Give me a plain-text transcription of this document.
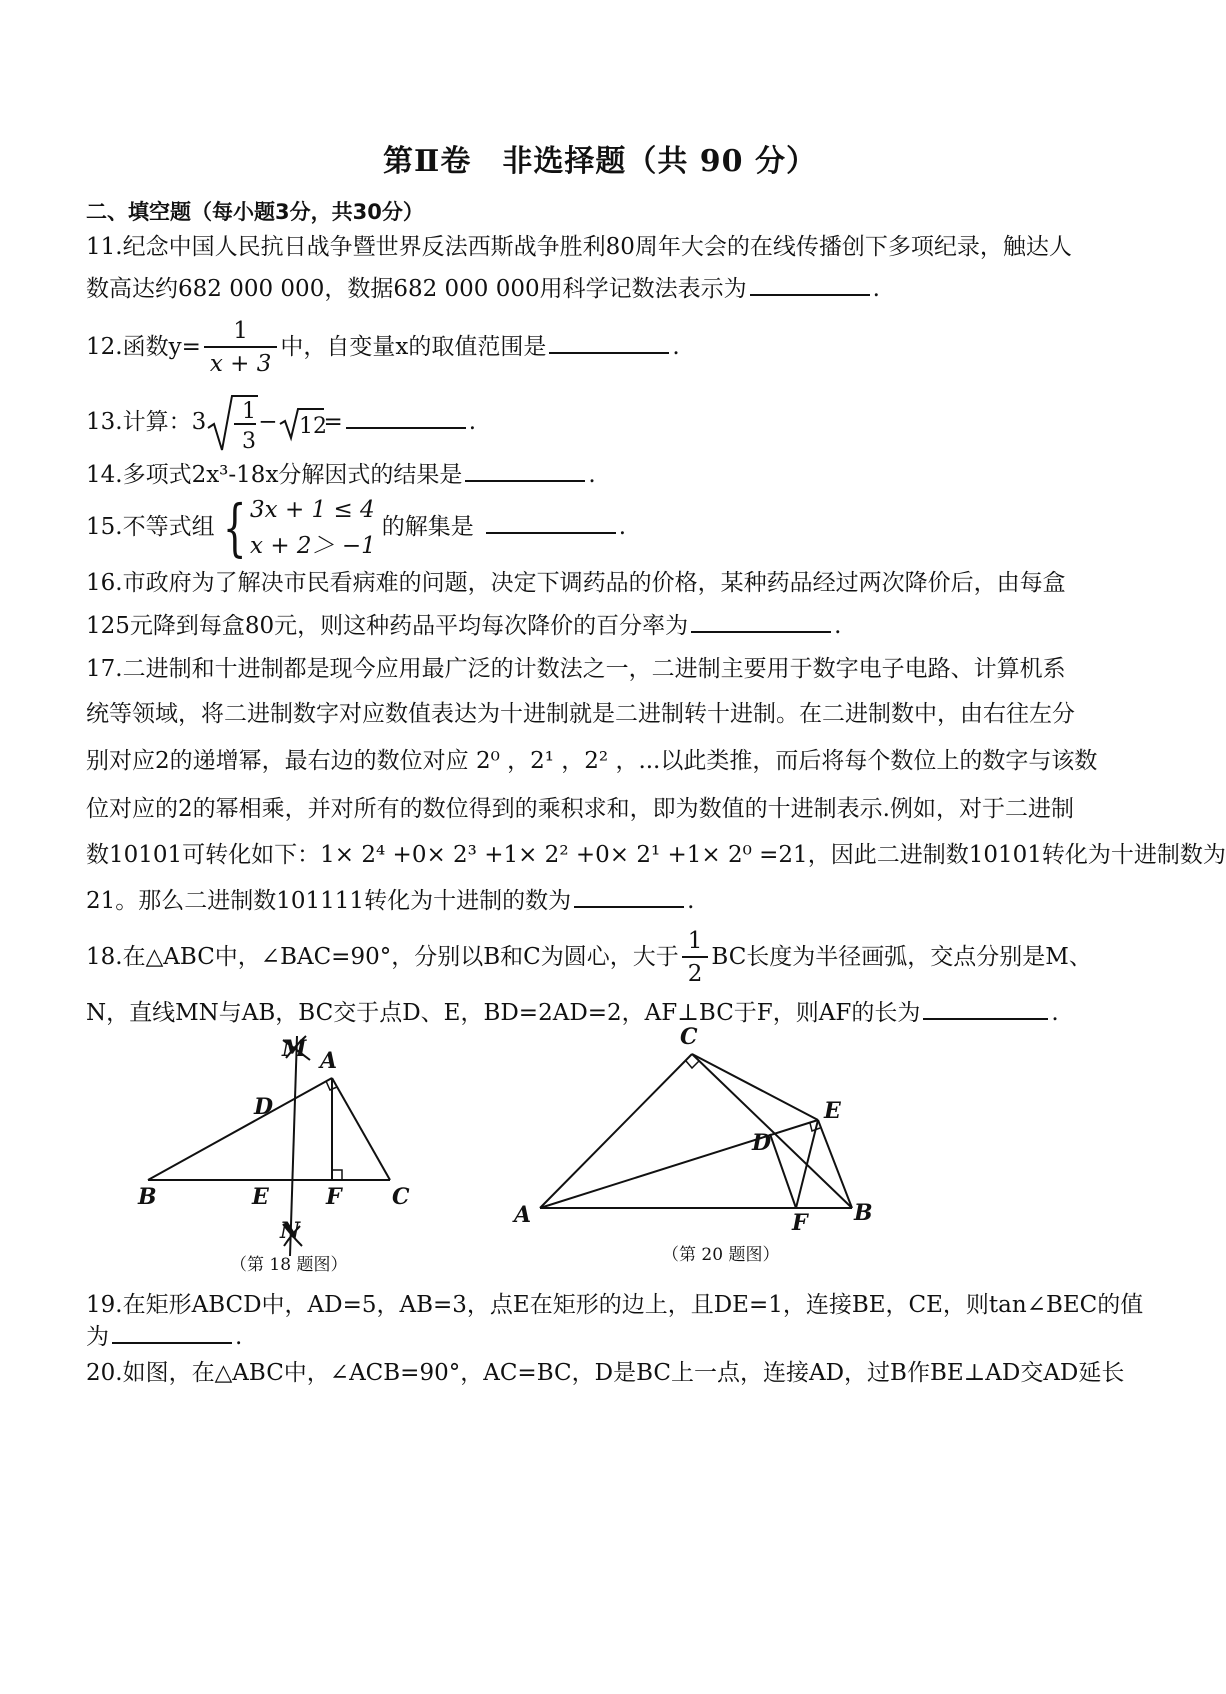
第Ⅱ卷　非选择题（共 90 分）
二、填空题（每小题3分，共30分）
11.纪念中国人民抗日战争暨世界反法西斯战争胜利80周年大会的在线传播创下多项纪录，触达人
数高达约682 000 000，数据682 000 000用科学记数法表示为	.
12.函数$y= \frac{1}{x + 3}$ 中，自变量x的取值范围是	.
13.计算：3 1
3
− 12
=	.
14.多项式2x³-18x分解因式的结果是	.
15.不等式组 { 3x + 1 ≤ 4
x + 2＞ −1
的解集是	.
16.市政府为了解决市民看病难的问题，决定下调药品的价格，某种药品经过两次降价后，由每盒
125元降到每盒80元，则这种药品平均每次降价的百分率为	.
17.二进制和十进制都是现今应用最广泛的计数法之一，二进制主要用于数字电子电路、计算机系
统等领域，将二进制数字对应数值表达为十进制就是二进制转十进制。在二进制数中，由右往左分
别对应2的递增幂，最右边的数位对应 2⁰ ，2¹ ，2² ，...以此类推，而后将每个数位上的数字与该数
位对应的2的幂相乘，并对所有的数位得到的乘积求和，即为数值的十进制表示.例如，对于二进制
数10101可转化如下：1× 2⁴ +0× 2³ +1× 2² +0× 2¹ +1× 2⁰ =21，因此二进制数10101转化为十进制数为
21。那么二进制数101111转化为十进制的数为	.
18.在△ABC中，∠BAC=90°，分别以B和C为圆心，大于 $\frac{1}{2}$ BC长度为半径画弧，交点分别是M、
N，直线MN与AB，BC交于点D、E，BD=2AD=2，AF⊥BC于F，则AF的长为	.
M A
D
B	E	F C
N
（第 18 题图）
C
E
D
A	F B
（第 20 题图）
19.在矩形ABCD中，AD=5，AB=3，点E在矩形的边上，且DE=1，连接BE，CE，则tan∠BEC的值
为	.
20.如图，在△ABC中，∠ACB=90°，AC=BC，D是BC上一点，连接AD，过B作BE⊥AD交AD延长
